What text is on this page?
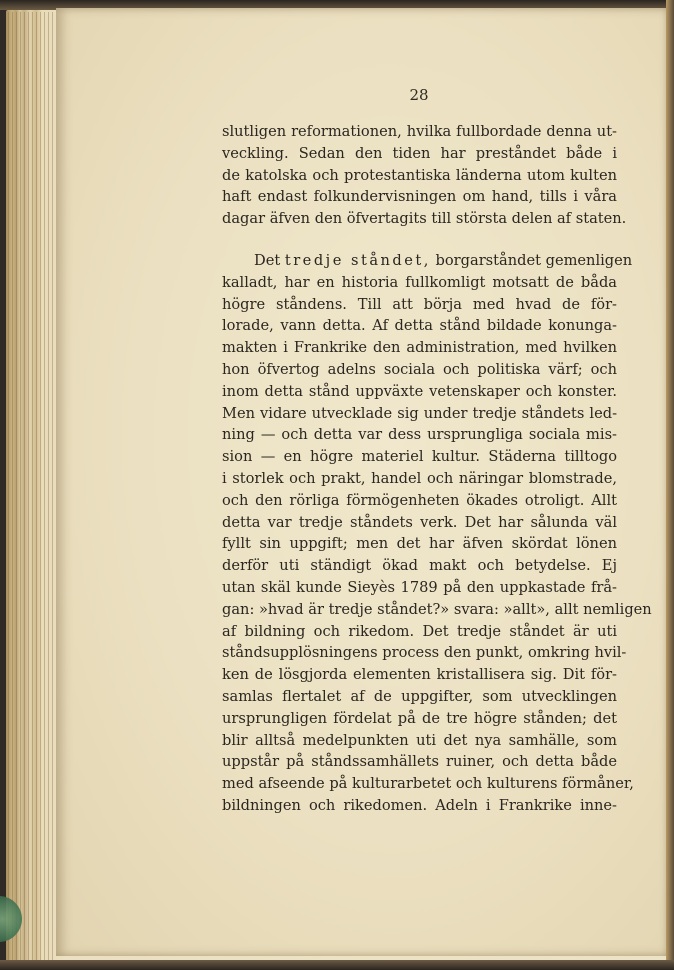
28
slutligen reformationen, hvilka fullbordade denna ut-
veckling. Sedan den tiden har preståndet både i
de katolska och protestantiska länderna utom kulten
haft endast folkundervisningen om hand, tills i våra
dagar äfven den öfvertagits till största delen af staten.
Det tredje ståndet, borgarståndet gemenligen
kalladt, har en historia fullkomligt motsatt de båda
högre ståndens. Till att börja med hvad de för-
lorade, vann detta. Af detta stånd bildade konunga-
makten i Frankrike den administration, med hvilken
hon öfvertog adelns sociala och politiska värf; och
inom detta stånd uppväxte vetenskaper och konster.
Men vidare utvecklade sig under tredje ståndets led-
ning — och detta var dess ursprungliga sociala mis-
sion — en högre materiel kultur. Städerna tilltogo
i storlek och prakt, handel och näringar blomstrade,
och den rörliga förmögenheten ökades otroligt. Allt
detta var tredje ståndets verk. Det har sålunda väl
fyllt sin uppgift; men det har äfven skördat lönen
derför uti ständigt ökad makt och betydelse. Ej
utan skäl kunde Sieyès 1789 på den uppkastade frå-
gan: »hvad är tredje ståndet?» svara: »allt», allt nemligen
af bildning och rikedom. Det tredje ståndet är uti
ståndsupplösningens process den punkt, omkring hvil-
ken de lösgjorda elementen kristallisera sig. Dit för-
samlas flertalet af de uppgifter, som utvecklingen
ursprungligen fördelat på de tre högre stånden; det
blir alltså medelpunkten uti det nya samhälle, som
uppstår på ståndssamhällets ruiner, och detta både
med afseende på kulturarbetet och kulturens förmåner,
bildningen och rikedomen. Adeln i Frankrike inne-
